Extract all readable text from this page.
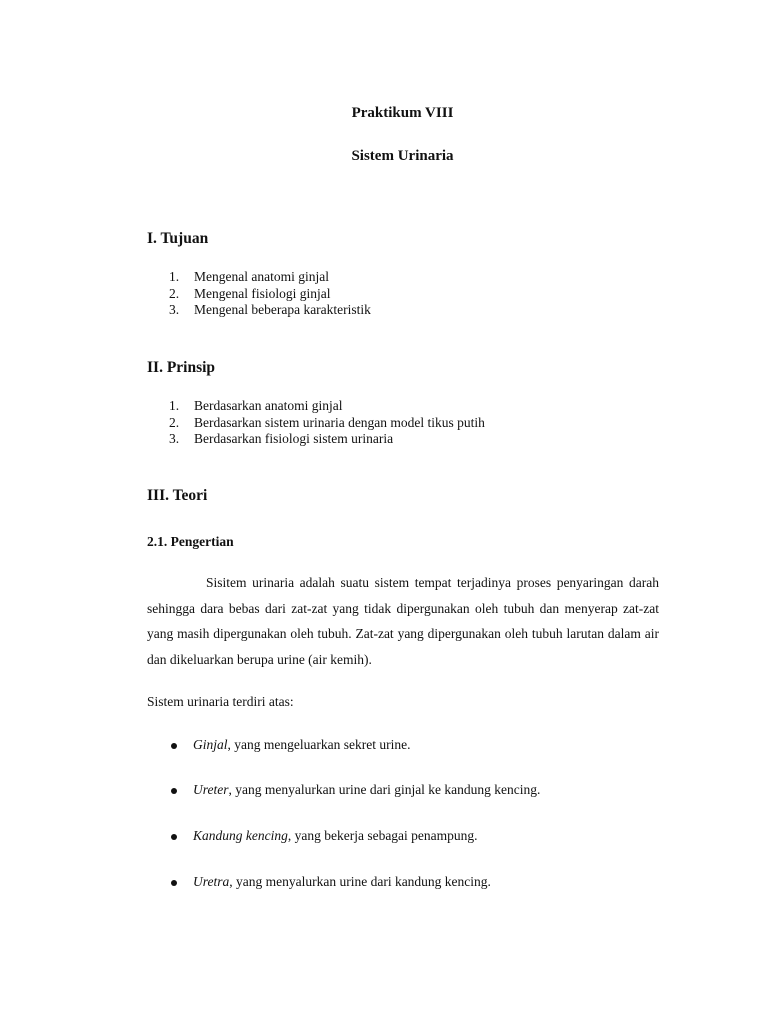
Praktikum VIII

Sistem Urinaria

I. Tujuan

1. Mengenal anatomi ginjal
2. Mengenal fisiologi ginjal
3. Mengenal beberapa karakteristik

II. Prinsip

1. Berdasarkan anatomi ginjal
2. Berdasarkan sistem urinaria dengan model tikus putih
3. Berdasarkan fisiologi sistem urinaria

III. Teori

2.1. Pengertian

Sisitem urinaria adalah suatu sistem tempat terjadinya proses penyaringan darah sehingga dara bebas dari zat-zat yang tidak dipergunakan oleh tubuh dan menyerap zat-zat yang masih dipergunakan oleh tubuh. Zat-zat yang dipergunakan oleh tubuh larutan dalam air dan dikeluarkan berupa urine (air kemih).

Sistem urinaria terdiri atas:

Ginjal, yang mengeluarkan sekret urine.
Ureter, yang menyalurkan urine dari ginjal ke kandung kencing.
Kandung kencing, yang bekerja sebagai penampung.
Uretra, yang menyalurkan urine dari kandung kencing.
